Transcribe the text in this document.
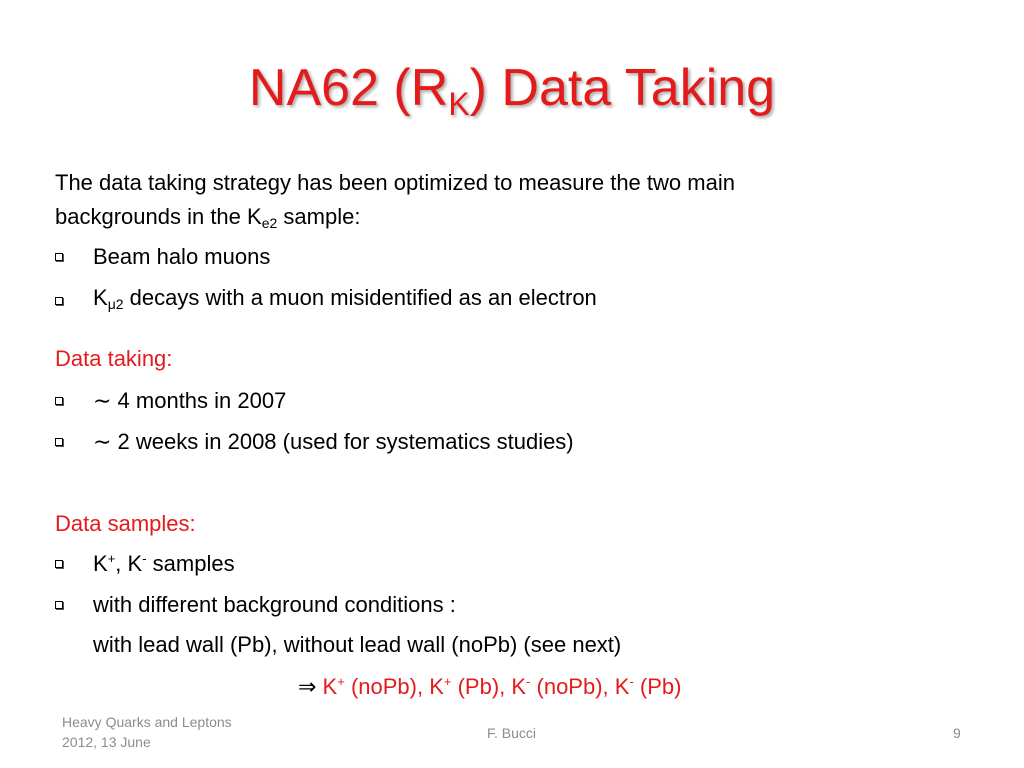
NA62 $(R_K)$ Data Taking
The data taking strategy has been optimized to measure the two main
backgrounds in the $K_{e2}$ sample:
Beam halo muons
$K_{\mu 2}$ decays with a muon misidentified as an electron
Data taking:
∼ 4 months in 2007
∼ 2 weeks in 2008 (used for systematics studies)
Data samples:
K+, K- samples
with different background conditions :
with lead wall (Pb), without lead wall (noPb) (see next)
⇒ K+ (noPb), K+ (Pb), K- (noPb), K- (Pb)
Heavy Quarks and Leptons
2012, 13 June
F. Bucci	9
